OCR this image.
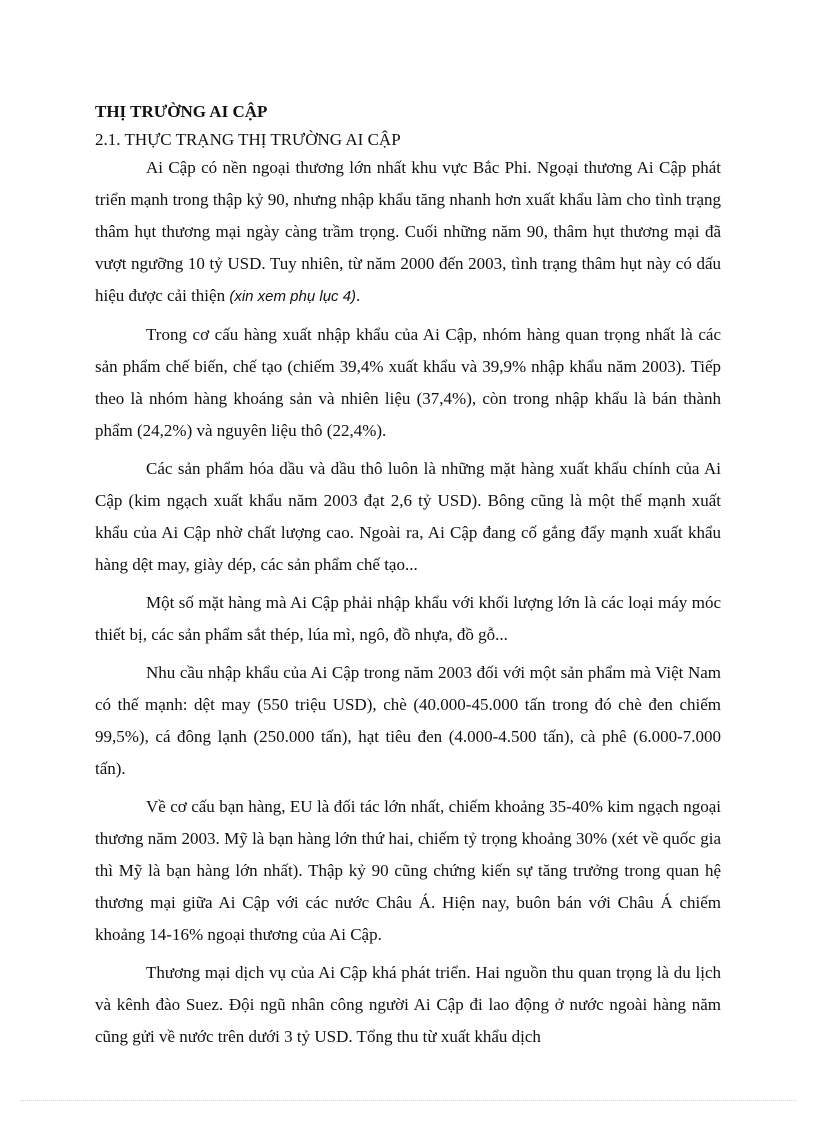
THỊ TRƯỜNG AI CẬP

2.1. THỰC TRẠNG THỊ TRƯỜNG AI CẬP

Ai Cập có nền ngoại thương lớn nhất khu vực Bắc Phi. Ngoại thương Ai Cập phát triển mạnh trong thập kỷ 90, nhưng nhập khẩu tăng nhanh hơn xuất khẩu làm cho tình trạng thâm hụt thương mại ngày càng trầm trọng. Cuối những năm 90, thâm hụt thương mại đã vượt ngưỡng 10 tỷ USD. Tuy nhiên, từ năm 2000 đến 2003, tình trạng thâm hụt này có dấu hiệu được cải thiện (xin xem phụ lục 4).

Trong cơ cấu hàng xuất nhập khẩu của Ai Cập, nhóm hàng quan trọng nhất là các sản phẩm chế biến, chế tạo (chiếm 39,4% xuất khẩu và 39,9% nhập khẩu năm 2003). Tiếp theo là nhóm hàng khoáng sản và nhiên liệu (37,4%), còn trong nhập khẩu là bán thành phẩm (24,2%) và nguyên liệu thô (22,4%).

Các sản phẩm hóa dầu và dầu thô luôn là những mặt hàng xuất khẩu chính của Ai Cập (kim ngạch xuất khẩu năm 2003 đạt 2,6 tỷ USD). Bông cũng là một thế mạnh xuất khẩu của Ai Cập nhờ chất lượng cao. Ngoài ra, Ai Cập đang cố gắng đẩy mạnh xuất khẩu hàng dệt may, giày dép, các sản phẩm chế tạo...

Một số mặt hàng mà Ai Cập phải nhập khẩu với khối lượng lớn là các loại máy móc thiết bị, các sản phẩm sắt thép, lúa mì, ngô, đồ nhựa, đồ gỗ...

Nhu cầu nhập khẩu của Ai Cập trong năm 2003 đối với một sản phẩm mà Việt Nam có thế mạnh: dệt may (550 triệu USD), chè (40.000-45.000 tấn trong đó chè đen chiếm 99,5%), cá đông lạnh (250.000 tấn), hạt tiêu đen (4.000-4.500 tấn), cà phê (6.000-7.000 tấn).

Về cơ cấu bạn hàng, EU là đối tác lớn nhất, chiếm khoảng 35-40% kim ngạch ngoại thương năm 2003. Mỹ là bạn hàng lớn thứ hai, chiếm tỷ trọng khoảng 30% (xét về quốc gia thì Mỹ là bạn hàng lớn nhất). Thập kỷ 90 cũng chứng kiến sự tăng trưởng trong quan hệ thương mại giữa Ai Cập với các nước Châu Á. Hiện nay, buôn bán với Châu Á chiếm khoảng 14-16% ngoại thương của Ai Cập.

Thương mại dịch vụ của Ai Cập khá phát triển. Hai nguồn thu quan trọng là du lịch và kênh đào Suez. Đội ngũ nhân công người Ai Cập đi lao động ở nước ngoài hàng năm cũng gửi về nước trên dưới 3 tỷ USD. Tổng thu từ xuất khẩu dịch
